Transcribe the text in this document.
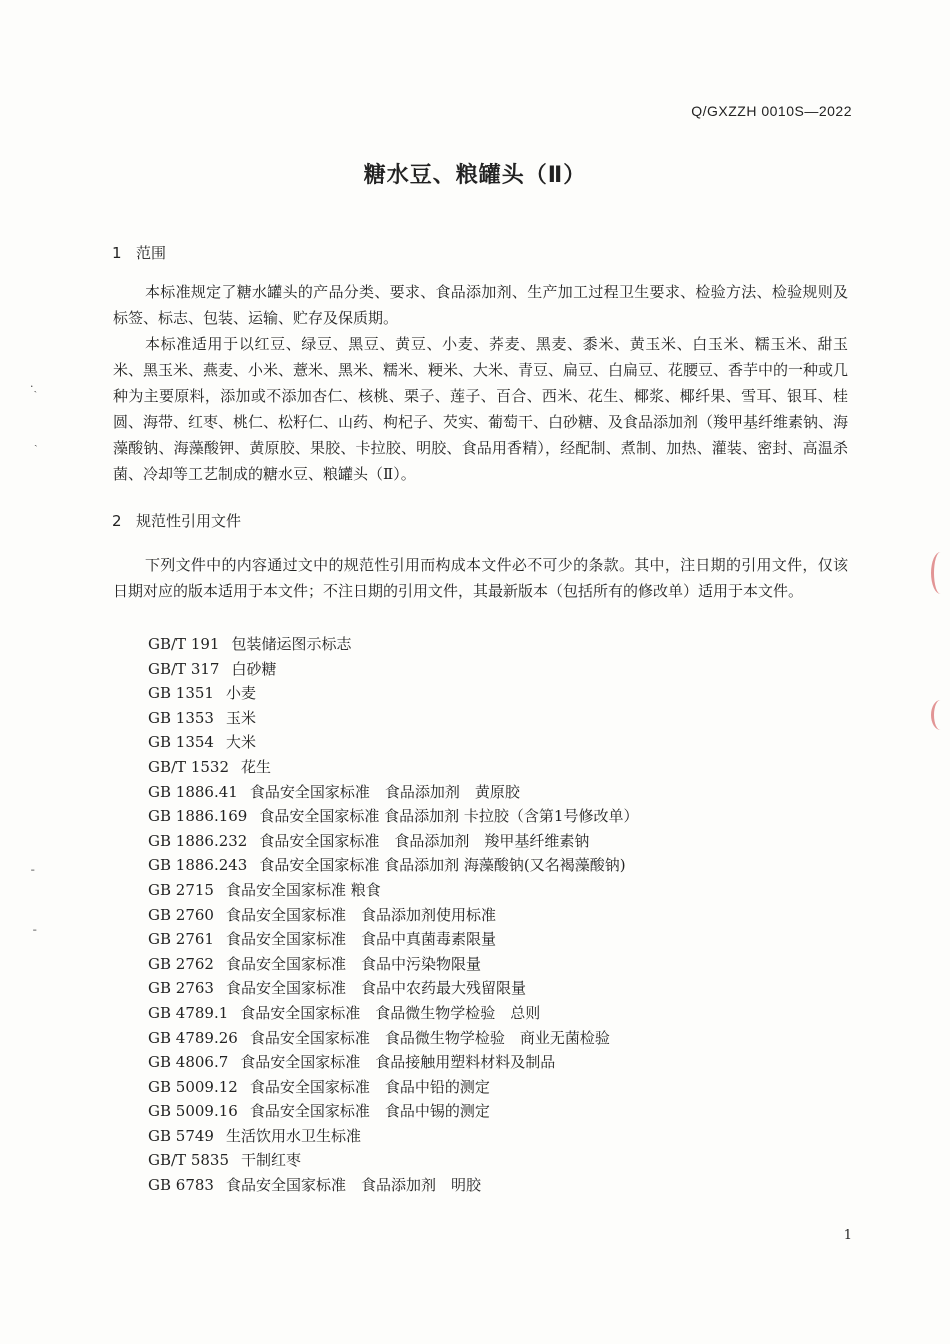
Q/GXZZH 0010S—2022
糖水豆、粮罐头（Ⅱ）
1 范围
本标准规定了糖水罐头的产品分类、要求、食品添加剂、生产加工过程卫生要求、检验方法、检验规则及标签、标志、包装、运输、贮存及保质期。
本标准适用于以红豆、绿豆、黑豆、黄豆、小麦、荞麦、黑麦、黍米、黄玉米、白玉米、糯玉米、甜玉米、黑玉米、燕麦、小米、薏米、黑米、糯米、粳米、大米、青豆、扁豆、白扁豆、花腰豆、香芋中的一种或几种为主要原料，添加或不添加杏仁、核桃、栗子、莲子、百合、西米、花生、椰浆、椰纤果、雪耳、银耳、桂圆、海带、红枣、桃仁、松籽仁、山药、枸杞子、芡实、葡萄干、白砂糖、及食品添加剂（羧甲基纤维素钠、海藻酸钠、海藻酸钾、黄原胶、果胶、卡拉胶、明胶、食品用香精），经配制、煮制、加热、灌装、密封、高温杀菌、冷却等工艺制成的糖水豆、粮罐头（Ⅱ）。
2 规范性引用文件
下列文件中的内容通过文中的规范性引用而构成本文件必不可少的条款。其中，注日期的引用文件，仅该日期对应的版本适用于本文件；不注日期的引用文件，其最新版本（包括所有的修改单）适用于本文件。
GB/T 191 包装储运图示标志
GB/T 317 白砂糖
GB 1351 小麦
GB 1353 玉米
GB 1354 大米
GB/T 1532 花生
GB 1886.41 食品安全国家标准　食品添加剂　黄原胶
GB 1886.169 食品安全国家标准 食品添加剂 卡拉胶（含第1号修改单）
GB 1886.232 食品安全国家标准　食品添加剂　羧甲基纤维素钠
GB 1886.243 食品安全国家标准 食品添加剂 海藻酸钠(又名褐藻酸钠)
GB 2715 食品安全国家标准 粮食
GB 2760 食品安全国家标准　食品添加剂使用标准
GB 2761 食品安全国家标准　食品中真菌毒素限量
GB 2762 食品安全国家标准　食品中污染物限量
GB 2763 食品安全国家标准　食品中农药最大残留限量
GB 4789.1 食品安全国家标准　食品微生物学检验　总则
GB 4789.26 食品安全国家标准　食品微生物学检验　商业无菌检验
GB 4806.7 食品安全国家标准　食品接触用塑料材料及制品
GB 5009.12 食品安全国家标准　食品中铅的测定
GB 5009.16 食品安全国家标准　食品中锡的测定
GB 5749 生活饮用水卫生标准
GB/T 5835 干制红枣
GB 6783 食品安全国家标准　食品添加剂　明胶
1
·ˎ
ˏ
ˉ
ˉ
